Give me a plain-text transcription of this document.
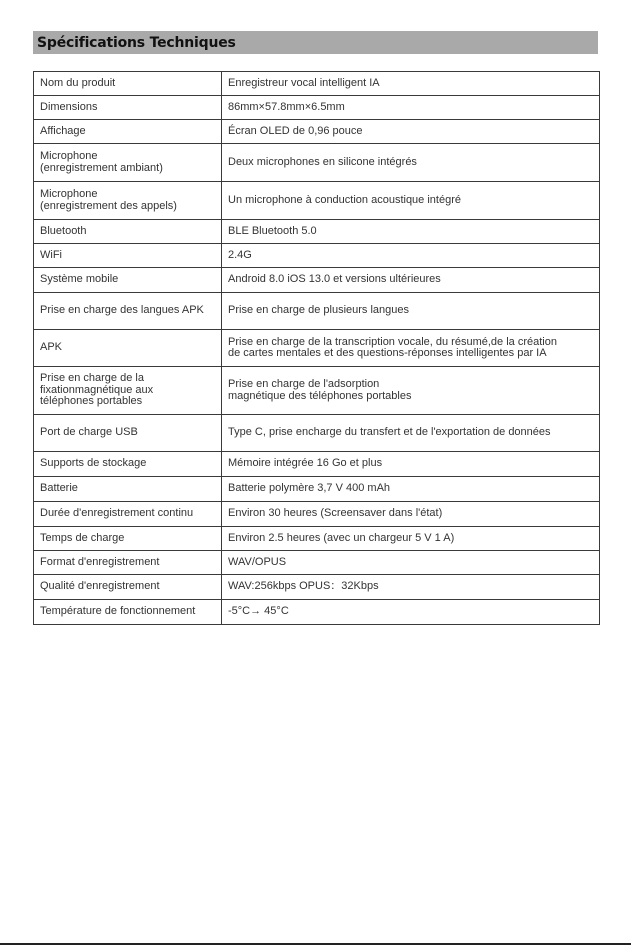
Spécifications Techniques
Nom du produit	Enregistreur vocal intelligent IA
Dimensions	86mm×57.8mm×6.5mm
Affichage	Écran OLED de 0,96 pouce
Microphone
(enregistrement ambiant)	Deux microphones en silicone intégrés
Microphone
(enregistrement des appels)	Un microphone à conduction acoustique intégré
Bluetooth	BLE Bluetooth 5.0
WiFi	2.4G
Système mobile	Android 8.0 iOS 13.0 et versions ultérieures
Prise en charge des langues APK	Prise en charge de plusieurs langues
APK	Prise en charge de la transcription vocale, du résumé,de la création
de cartes mentales et des questions-réponses intelligentes par IA
Prise en charge de la
fixationmagnétique aux
téléphones portables	Prise en charge de l'adsorption
magnétique des téléphones portables
Port de charge USB	Type C, prise encharge du transfert et de l'exportation de données
Supports de stockage	Mémoire intégrée 16 Go et plus
Batterie	Batterie polymère 3,7 V 400 mAh
Durée d'enregistrement continu	Environ 30 heures (Screensaver dans l'état)
Temps de charge	Environ 2.5 heures (avec un chargeur 5 V 1 A)
Format d'enregistrement	WAV/OPUS
Qualité d'enregistrement	WAV:256kbps OPUS：32Kbps
Température de fonctionnement	-5°C→ 45°C
